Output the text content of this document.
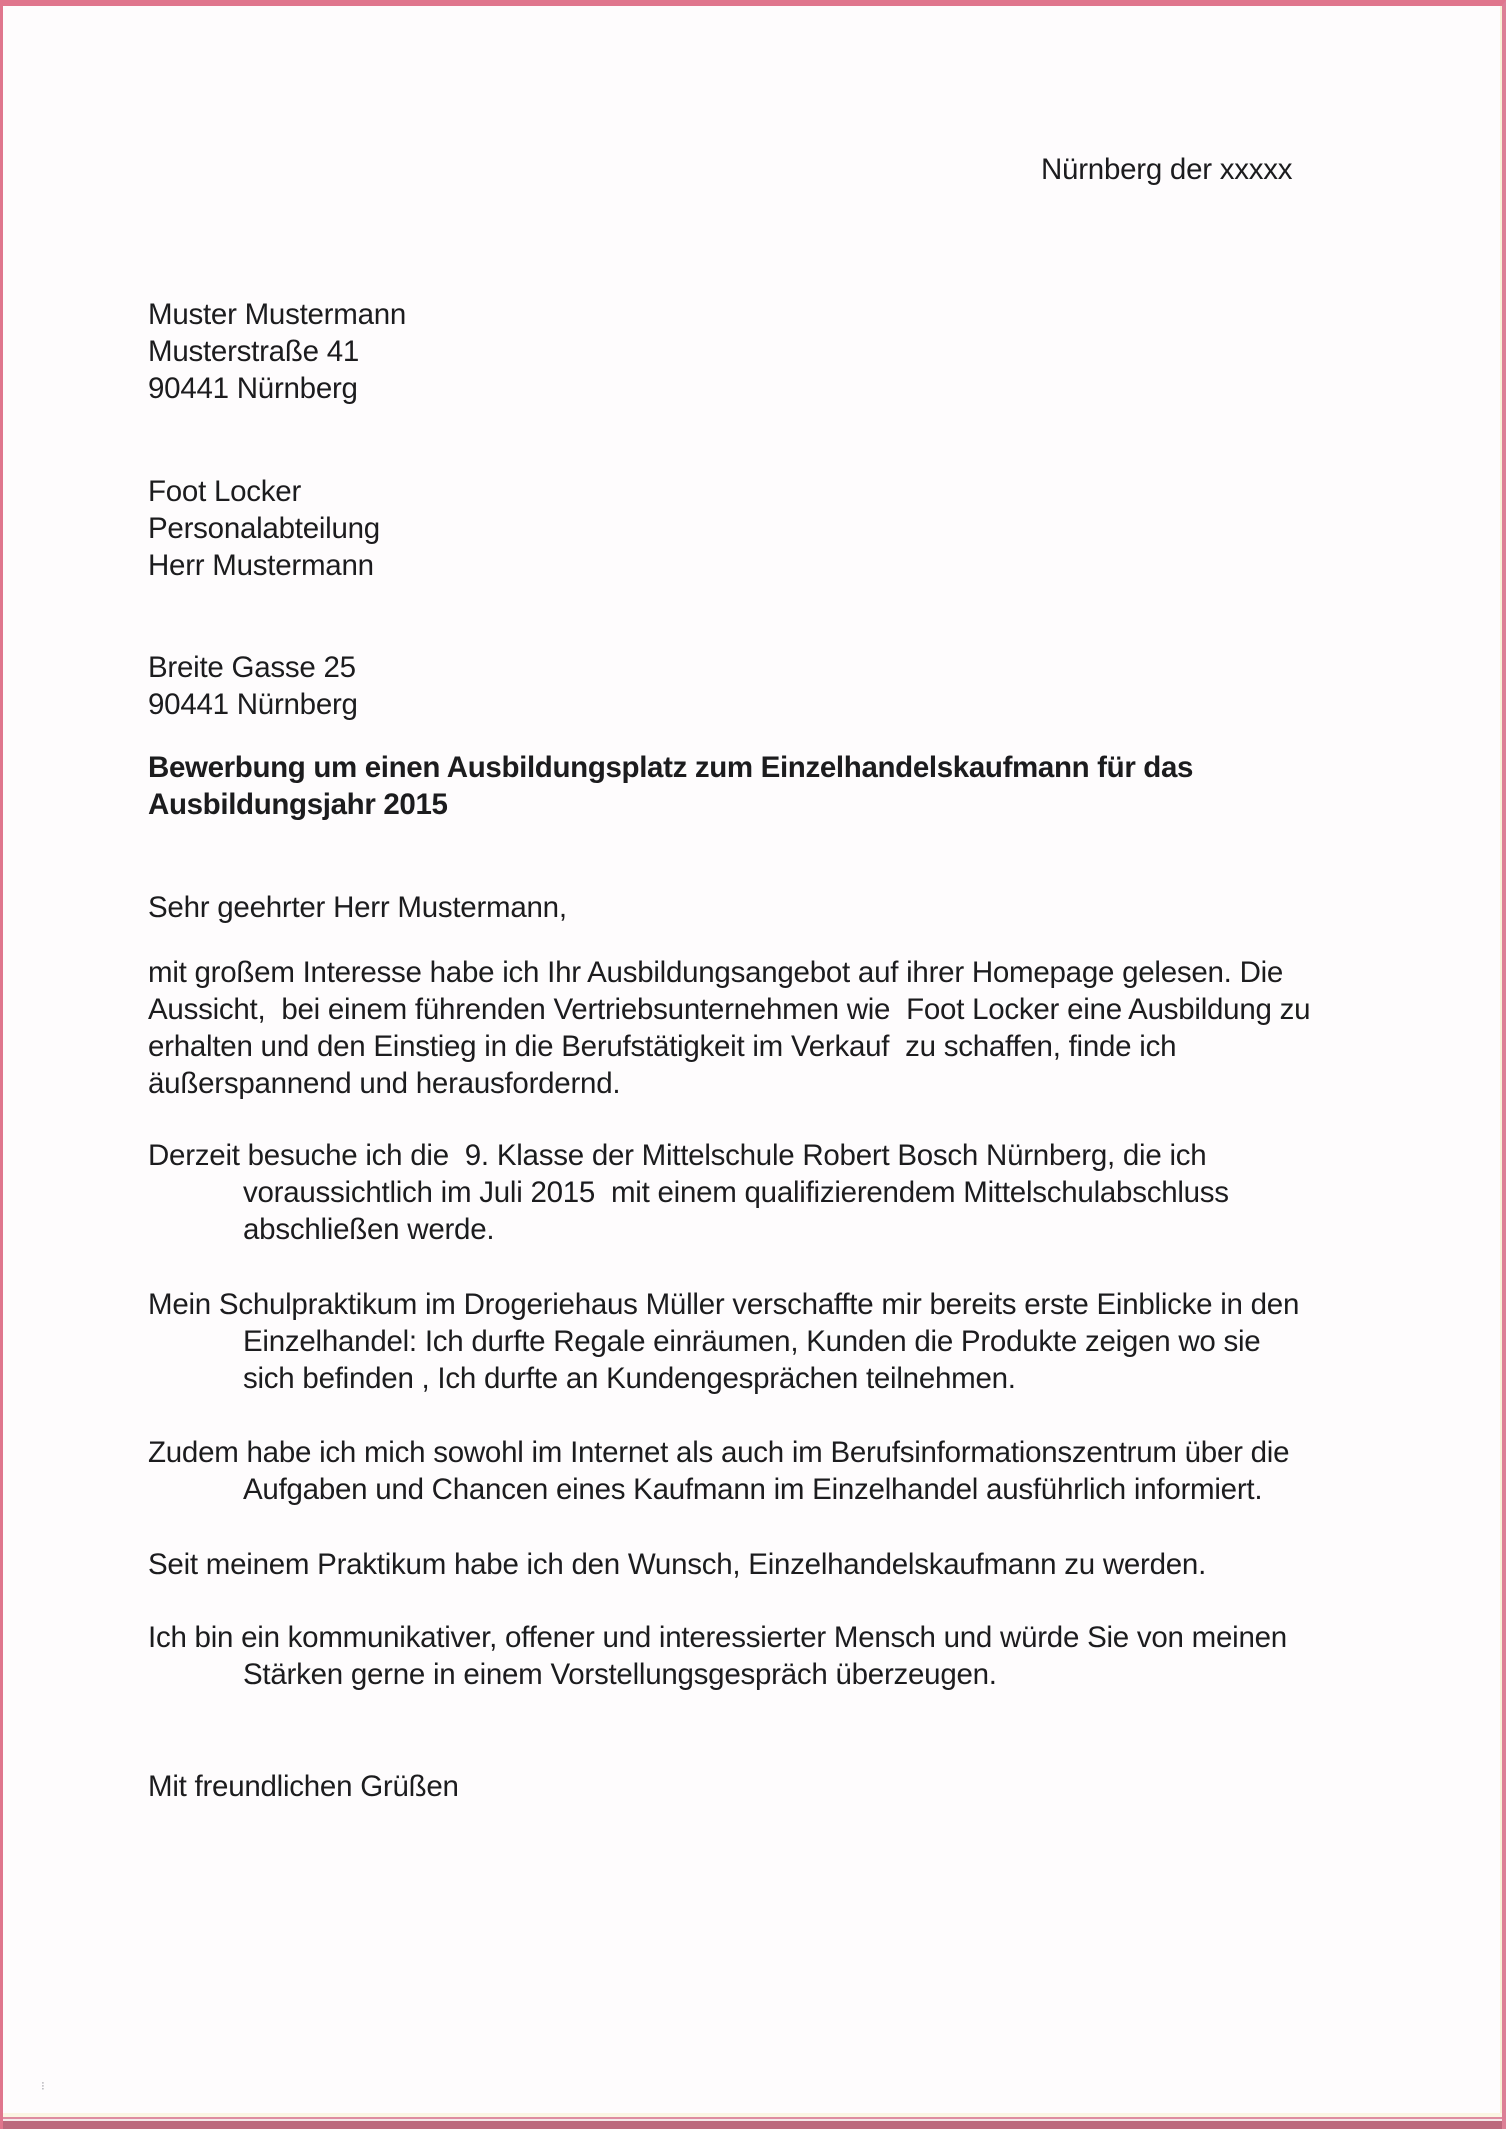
Nürnberg der xxxxx
Muster Mustermann
Musterstraße 41
90441 Nürnberg
Foot Locker
Personalabteilung
Herr Mustermann
Breite Gasse 25
90441 Nürnberg
Bewerbung um einen Ausbildungsplatz zum Einzelhandelskaufmann für das
Ausbildungsjahr 2015
Sehr geehrter Herr Mustermann,
mit großem Interesse habe ich Ihr Ausbildungsangebot auf ihrer Homepage gelesen. Die
Aussicht,  bei einem führenden Vertriebsunternehmen wie  Foot Locker eine Ausbildung zu
erhalten und den Einstieg in die Berufstätigkeit im Verkauf  zu schaffen, finde ich
äußerspannend und herausfordernd.
Derzeit besuche ich die  9. Klasse der Mittelschule Robert Bosch Nürnberg, die ich
voraussichtlich im Juli 2015  mit einem qualifizierendem Mittelschulabschluss
abschließen werde.
Mein Schulpraktikum im Drogeriehaus Müller verschaffte mir bereits erste Einblicke in den
Einzelhandel: Ich durfte Regale einräumen, Kunden die Produkte zeigen wo sie
sich befinden , Ich durfte an Kundengesprächen teilnehmen.
Zudem habe ich mich sowohl im Internet als auch im Berufsinformationszentrum über die
Aufgaben und Chancen eines Kaufmann im Einzelhandel ausführlich informiert.
Seit meinem Praktikum habe ich den Wunsch, Einzelhandelskaufmann zu werden.
Ich bin ein kommunikativer, offener und interessierter Mensch und würde Sie von meinen
Stärken gerne in einem Vorstellungsgespräch überzeugen.
Mit freundlichen Grüßen
⁝
